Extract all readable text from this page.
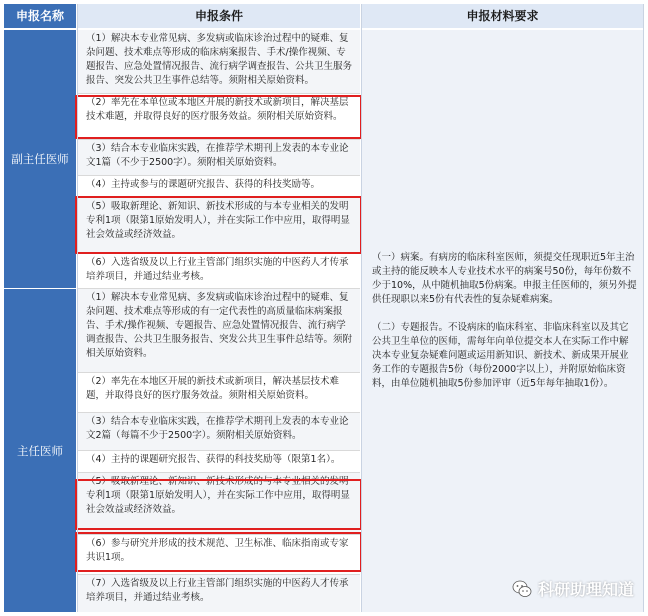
申报名称	申报条件	申报材料要求
副主任医师
主任医师
（1）解决本专业常见病、多发病或临床诊治过程中的疑难、复杂问题、技术难点等形成的临床病案报告、手术/操作视频、专题报告、应急处置情况报告、流行病学调查报告、公共卫生服务报告、突发公共卫生事件总结等。须附相关原始资料。
（2）率先在本单位或本地区开展的新技术或新项目，解决基层技术难题，并取得良好的医疗服务效益。须附相关原始资料。
（3）结合本专业临床实践，在推荐学术期刊上发表的本专业论文1篇（不少于2500字）。须附相关原始资料。
（4）主持或参与的课题研究报告、获得的科技奖励等。
（5）吸取新理论、新知识、新技术形成的与本专业相关的发明专利1项（限第1原始发明人），并在实际工作中应用，取得明显社会效益或经济效益。
（6）入选省级及以上行业主管部门组织实施的中医药人才传承培养项目，并通过结业考核。
（1）解决本专业常见病、多发病或临床诊治过程中的疑难、复杂问题、技术难点等形成的有一定代表性的高质量临床病案报告、手术/操作视频、专题报告、应急处置情况报告、流行病学调查报告、公共卫生服务报告、突发公共卫生事件总结等。须附相关原始资料。
（2）率先在本地区开展的新技术或新项目，解决基层技术难题，并取得良好的医疗服务效益。须附相关原始资料。
（3）结合本专业临床实践，在推荐学术期刊上发表的本专业论文2篇（每篇不少于2500字）。须附相关原始资料。
（4）主持的课题研究报告、获得的科技奖励等（限第1名）。
（5）吸取新理论、新知识、新技术形成的与本专业相关的发明专利1项（限第1原始发明人），并在实际工作中应用，取得明显社会效益或经济效益。
（6）参与研究并形成的技术规范、卫生标准、临床指南或专家共识1项。
（7）入选省级及以上行业主管部门组织实施的中医药人才传承培养项目，并通过结业考核。
（一）病案。有病房的临床科室医师，须提交任现职近5年主治或主持的能反映本人专业技术水平的病案号50份，每年份数不少于10%，从中随机抽取5份病案。申报主任医师的，须另外提供任现职以来5份有代表性的复杂疑难病案。
（二）专题报告。不设病床的临床科室、非临床科室以及其它公共卫生单位的医师，需每年向单位提交本人在实际工作中解决本专业复杂疑难问题或运用新知识、新技术、新成果开展业务工作的专题报告5份（每份2000字以上），并附原始临床资料，由单位随机抽取5份参加评审（近5年每年抽取1份）。
科研助理知道
